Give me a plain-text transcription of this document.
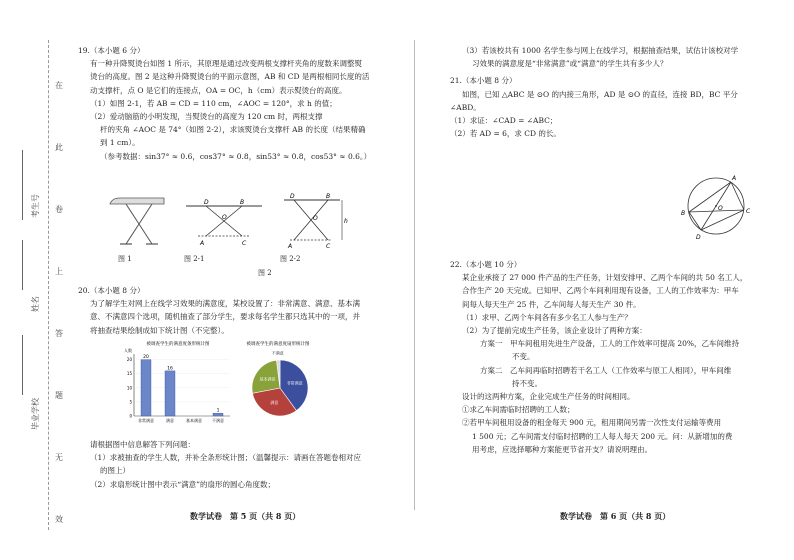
在
此
卷
上
答
题
无
效
考生号
姓名
毕业学校

19.（本小题 6 分）

有一种升降熨烫台如图 1 所示，其原理是通过改变两根支撑杆夹角的度数来调整熨

烫台的高度。图 2 是这种升降熨烫台的平面示意图，AB 和 CD 是两根相同长度的活

动支撑杆，点 O 是它们的连接点，OA = OC，h（cm）表示熨烫台的高度。

（1）如图 2-1，若 AB = CD = 110 cm，∠AOC = 120°，求 h 的值；

（2）爱动脑筋的小明发现，当熨烫台的高度为 120 cm 时，两根支撑

杆的夹角 ∠AOC 是 74°（如图 2-2），求该熨烫台支撑杆 AB 的长度（结果精确

到 1 cm）。

（参考数据：sin37° ≈ 0.6，cos37° ≈ 0.8，sin53° ≈ 0.8，cos53° ≈ 0.6。）

D	B
O
A	C
D	B
O	h
A	C
图 1	图 2-1	图 2-2
图 2

20.（本小题 8 分）

为了解学生对网上在线学习效果的满意度，某校设置了：非常满意、满意、基本满

意、不满意四个选项，随机抽查了部分学生，要求每名学生都只选其中的一项，并

将抽查结果绘制成如下统计图（不完整）。

被调查学生的满意度条形统计图
人数
0
5
10
15
20 20
非常满意
16
满意	基本满意
1
不满意
被调查学生的满意度扇形统计图
非常满意
满意
基本满意
不满意

请根据图中信息解答下列问题：

（1）求被抽查的学生人数，并补全条形统计图；（温馨提示：请画在答题卷相对应

的图上）

（2）求扇形统计图中表示“满意”的扇形的圆心角度数；

（3）若该校共有 1000 名学生参与网上在线学习，根据抽查结果，试估计该校对学

习效果的满意度是“非常满意”或“满意”的学生共有多少人？

21.（本小题 8 分）

如图，已知 △ABC 是 ⊙O 的内接三角形，AD 是 ⊙O 的直径，连接 BD，BC 平分

∠ABD。

（1）求证：∠CAD = ∠ABC；

（2）若 AD = 6，求 CD 的长。

A
B	C
D
O

22.（本小题 10 分）

某企业承接了 27 000 件产品的生产任务，计划安排甲、乙两个车间的共 50 名工人，

合作生产 20 天完成。已知甲、乙两个车间利用现有设备，工人的工作效率为：甲车

间每人每天生产 25 件，乙车间每人每天生产 30 件。

（1）求甲、乙两个车间各有多少名工人参与生产？

（2）为了提前完成生产任务，该企业设计了两种方案：

方案一　甲车间租用先进生产设备，工人的工作效率可提高 20%，乙车间维持

不变。

方案二　乙车间再临时招聘若干名工人（工作效率与原工人相同），甲车间维

持不变。

设计的这两种方案，企业完成生产任务的时间相同。

①求乙车间需临时招聘的工人数；

②若甲车间租用设备的租金每天 900 元，租用期间另需一次性支付运输等费用

1 500 元；乙车间需支付临时招聘的工人每人每天 200 元。问：从新增加的费

用考虑，应选择哪种方案能更节省开支？请说明理由。

数学试卷　第 5 页（共 8 页）	数学试卷　第 6 页（共 8 页）
